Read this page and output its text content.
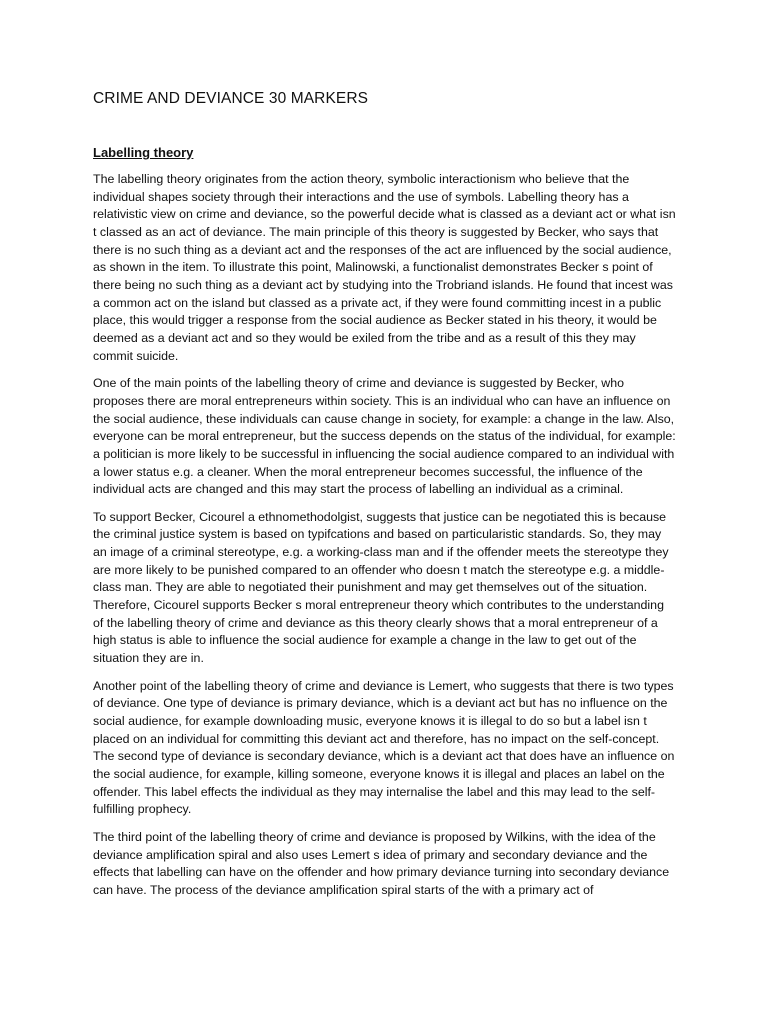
CRIME AND DEVIANCE 30 MARKERS
Labelling theory

The labelling theory originates from the action theory, symbolic interactionism who believe that the individual shapes society through their interactions and the use of symbols. Labelling theory has a relativistic view on crime and deviance, so the powerful decide what is classed as a deviant act or what isn t classed as an act of deviance. The main principle of this theory is suggested by Becker, who says that there is no such thing as a deviant act and the responses of the act are influenced by the social audience, as shown in the item. To illustrate this point, Malinowski, a functionalist demonstrates Becker s point of there being no such thing as a deviant act by studying into the Trobriand islands. He found that incest was a common act on the island but classed as a private act, if they were found committing incest in a public place, this would trigger a response from the social audience as Becker stated in his theory, it would be deemed as a deviant act and so they would be exiled from the tribe and as a result of this they may commit suicide.

One of the main points of the labelling theory of crime and deviance is suggested by Becker, who proposes there are moral entrepreneurs within society. This is an individual who can have an influence on the social audience, these individuals can cause change in society, for example: a change in the law. Also, everyone can be moral entrepreneur, but the success depends on the status of the individual, for example: a politician is more likely to be successful in influencing the social audience compared to an individual with a lower status e.g. a cleaner. When the moral entrepreneur becomes successful, the influence of the individual acts are changed and this may start the process of labelling an individual as a criminal.

To support Becker, Cicourel a ethnomethodolgist, suggests that justice can be negotiated this is because the criminal justice system is based on typifcations and based on particularistic standards. So, they may an image of a criminal stereotype, e.g. a working-class man and if the offender meets the stereotype they are more likely to be punished compared to an offender who doesn t match the stereotype e.g. a middle-class man. They are able to negotiated their punishment and may get themselves out of the situation. Therefore, Cicourel supports Becker s moral entrepreneur theory which contributes to the understanding of the labelling theory of crime and deviance as this theory clearly shows that a moral entrepreneur of a high status is able to influence the social audience for example a change in the law to get out of the situation they are in.

Another point of the labelling theory of crime and deviance is Lemert, who suggests that there is two types of deviance. One type of deviance is primary deviance, which is a deviant act but has no influence on the social audience, for example downloading music, everyone knows it is illegal to do so but a label isn t placed on an individual for committing this deviant act and therefore, has no impact on the self-concept. The second type of deviance is secondary deviance, which is a deviant act that does have an influence on the social audience, for example, killing someone, everyone knows it is illegal and places an label on the offender. This label effects the individual as they may internalise the label and this may lead to the self-fulfilling prophecy.

The third point of the labelling theory of crime and deviance is proposed by Wilkins, with the idea of the deviance amplification spiral and also uses Lemert s idea of primary and secondary deviance and the effects that labelling can have on the offender and how primary deviance turning into secondary deviance can have. The process of the deviance amplification spiral starts of the with a primary act of
